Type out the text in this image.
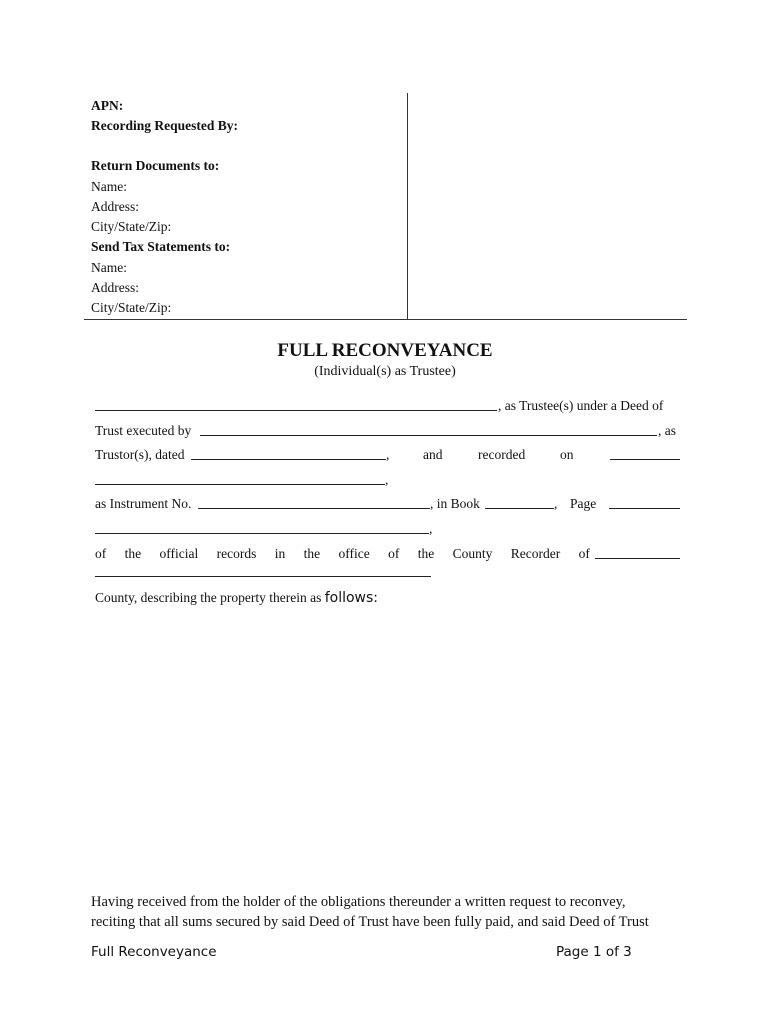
APN:
Recording Requested By:
Return Documents to:
Name:
Address:
City/State/Zip:
Send Tax Statements to:
Name:
Address:
City/State/Zip:
FULL RECONVEYANCE
(Individual(s) as Trustee)
, as Trustee(s) under a Deed of
Trust executed by	, as
Trustor(s), dated	, and	recorded	on
,
as Instrument No.	, in Book	, Page
,
of the official records in the office of the County Recorder of
County, describing the property therein as follows:
Having received from the holder of the obligations thereunder a written request to reconvey,
reciting that all sums secured by said Deed of Trust have been fully paid, and said Deed of Trust
Full Reconveyance	Page 1 of 3
